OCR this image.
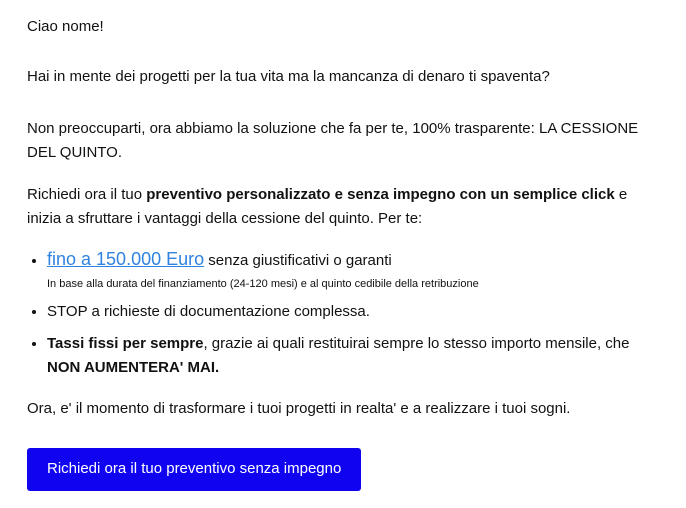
Ciao nome!

Hai in mente dei progetti per la tua vita ma la mancanza di denaro ti spaventa?

Non preoccuparti, ora abbiamo la soluzione che fa per te, 100% trasparente: LA CESSIONE DEL QUINTO.

Richiedi ora il tuo preventivo personalizzato e senza impegno con un semplice click e inizia a sfruttare i vantaggi della cessione del quinto. Per te:

• fino a 150.000 Euro senza giustificativi o garanti
In base alla durata del finanziamento (24-120 mesi) e al quinto cedibile della retribuzione
• STOP a richieste di documentazione complessa.
• Tassi fissi per sempre, grazie ai quali restituirai sempre lo stesso importo mensile, che NON AUMENTERA' MAI.

Ora, e' il momento di trasformare i tuoi progetti in realta' e a realizzare i tuoi sogni.

Richiedi ora il tuo preventivo senza impegno
